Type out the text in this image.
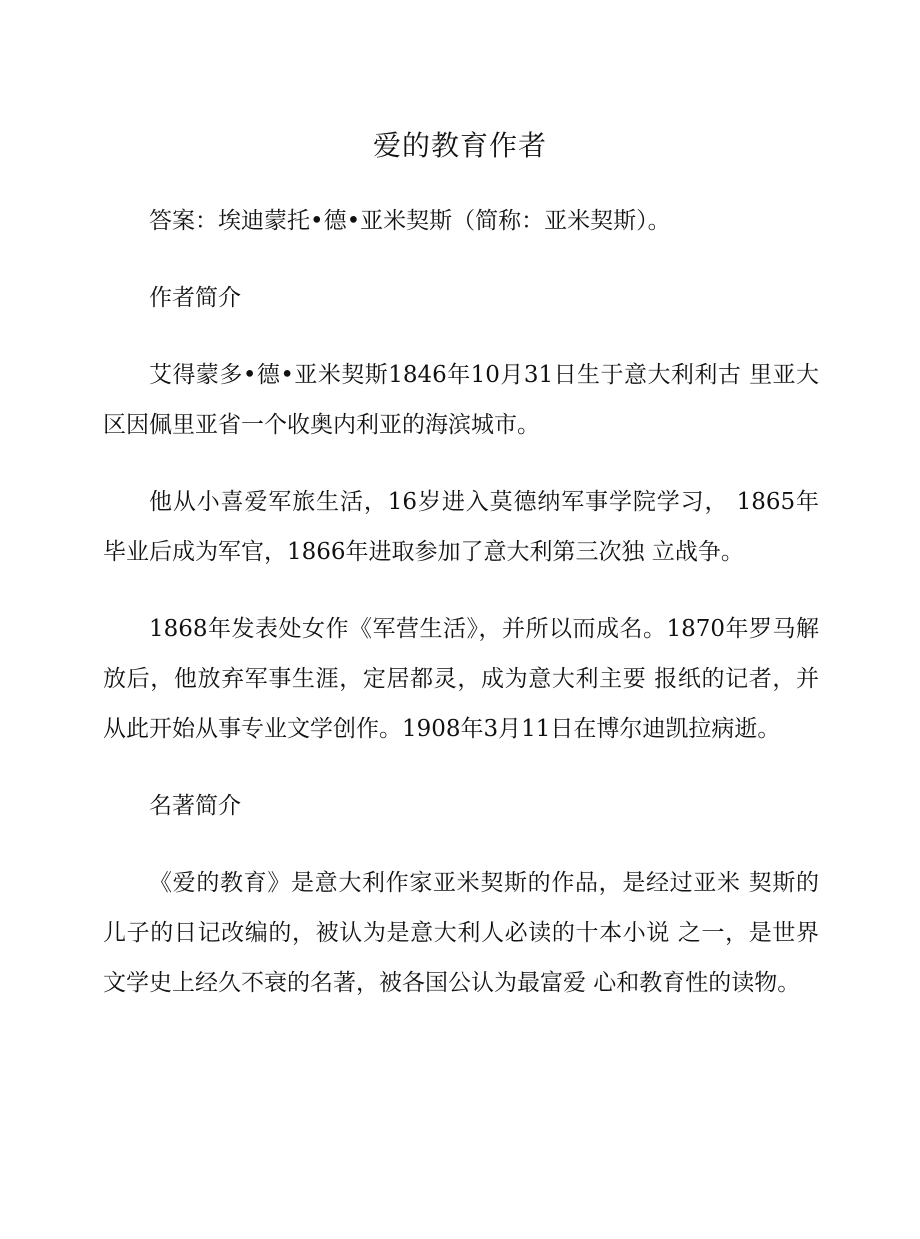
爱的教育作者

答案：埃迪蒙托•德•亚米契斯（简称：亚米契斯）。

作者简介

艾得蒙多•德•亚米契斯1846年10月31日生于意大利利古 里亚大区因佩里亚省一个收奥内利亚的海滨城市。

他从小喜爱军旅生活，16岁进入莫德纳军事学院学习， 1865年毕业后成为军官，1866年进取参加了意大利第三次独 立战争。

1868年发表处女作《军营生活》，并所以而成名。1870年罗马解放后，他放弃军事生涯，定居都灵，成为意大利主要 报纸的记者，并从此开始从事专业文学创作。1908年3月11日在博尔迪凯拉病逝。

名著简介

《爱的教育》是意大利作家亚米契斯的作品，是经过亚米 契斯的儿子的日记改编的，被认为是意大利人必读的十本小说 之一，是世界文学史上经久不衰的名著，被各国公认为最富爱 心和教育性的读物。
